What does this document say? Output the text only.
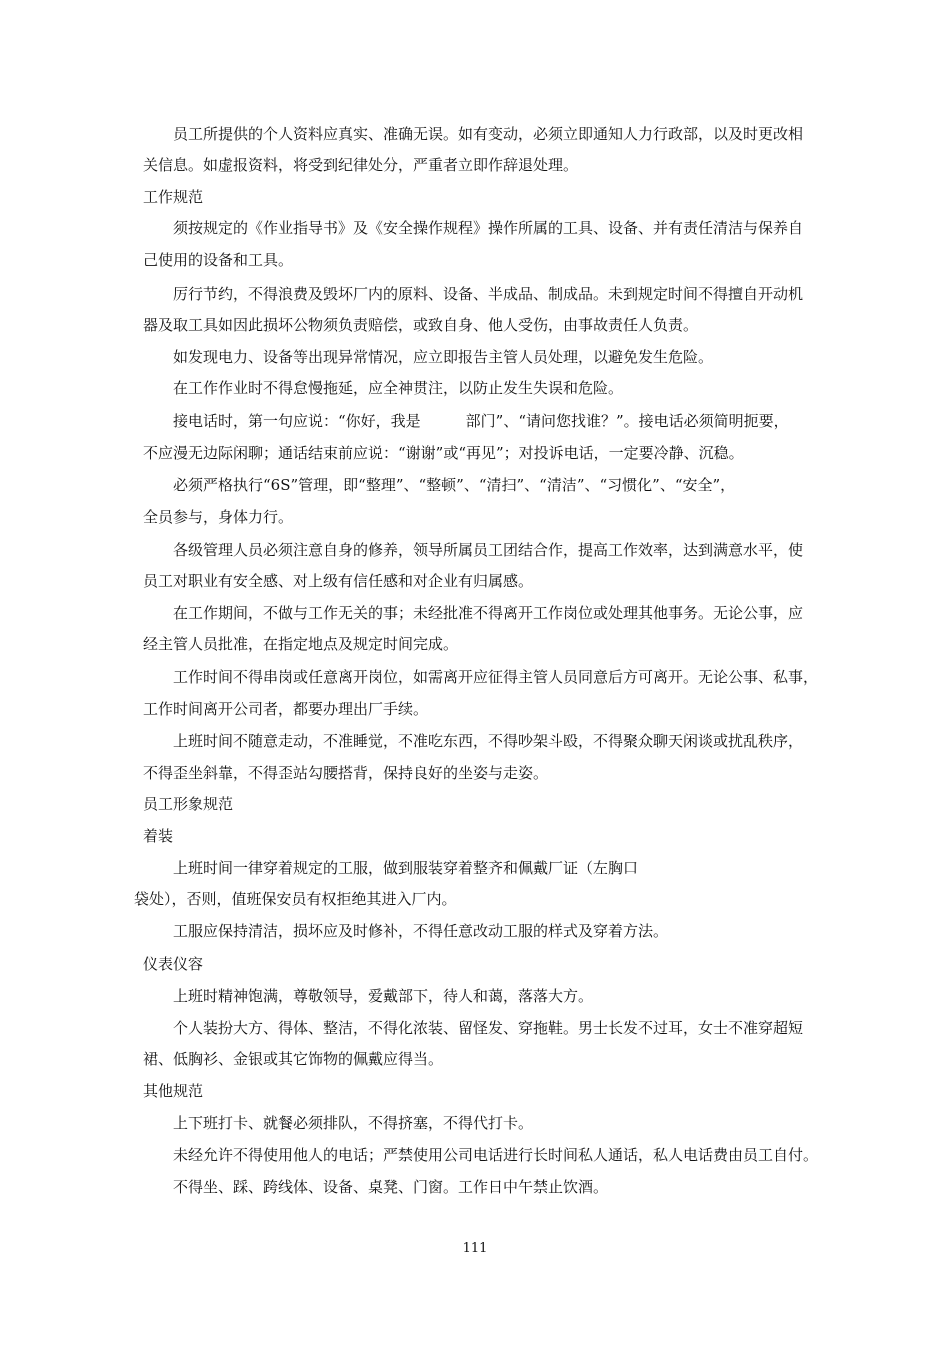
员工所提供的个人资料应真实、准确无误。如有变动，必须立即通知人力行政部，以及时更改相
关信息。如虚报资料，将受到纪律处分，严重者立即作辞退处理。
工作规范
须按规定的《作业指导书》及《安全操作规程》操作所属的工具、设备、并有责任清洁与保养自
己使用的设备和工具。
厉行节约，不得浪费及毁坏厂内的原料、设备、半成品、制成品。未到规定时间不得擅自开动机
器及取工具如因此损坏公物须负责赔偿，或致自身、他人受伤，由事故责任人负责。
如发现电力、设备等出现异常情况，应立即报告主管人员处理，以避免发生危险。
在工作作业时不得怠慢拖延，应全神贯注，以防止发生失误和危险。
接电话时，第一句应说：“你好，我是　　　部门”、“请问您找谁？”。接电话必须简明扼要，
不应漫无边际闲聊；通话结束前应说：“谢谢”或“再见”；对投诉电话，一定要冷静、沉稳。
必须严格执行“6S”管理，即“整理”、“整顿”、“清扫”、“清洁”、“习惯化”、“安全”，
全员参与，身体力行。
各级管理人员必须注意自身的修养，领导所属员工团结合作，提高工作效率，达到满意水平，使
员工对职业有安全感、对上级有信任感和对企业有归属感。
在工作期间，不做与工作无关的事；未经批准不得离开工作岗位或处理其他事务。无论公事，应
经主管人员批准，在指定地点及规定时间完成。
工作时间不得串岗或任意离开岗位，如需离开应征得主管人员同意后方可离开。无论公事、私事，
工作时间离开公司者，都要办理出厂手续。
上班时间不随意走动，不准睡觉，不准吃东西，不得吵架斗殴，不得聚众聊天闲谈或扰乱秩序，
不得歪坐斜靠，不得歪站勾腰搭背，保持良好的坐姿与走姿。
员工形象规范
着装
上班时间一律穿着规定的工服，做到服装穿着整齐和佩戴厂证（左胸口
袋处），否则，值班保安员有权拒绝其进入厂内。
工服应保持清洁，损坏应及时修补，不得任意改动工服的样式及穿着方法。
仪表仪容
上班时精神饱满，尊敬领导，爱戴部下，待人和蔼，落落大方。
个人装扮大方、得体、整洁，不得化浓装、留怪发、穿拖鞋。男士长发不过耳，女士不准穿超短
裙、低胸衫、金银或其它饰物的佩戴应得当。
其他规范
上下班打卡、就餐必须排队，不得挤塞，不得代打卡。
未经允许不得使用他人的电话；严禁使用公司电话进行长时间私人通话，私人电话费由员工自付。
不得坐、踩、跨线体、设备、桌凳、门窗。工作日中午禁止饮酒。
111
